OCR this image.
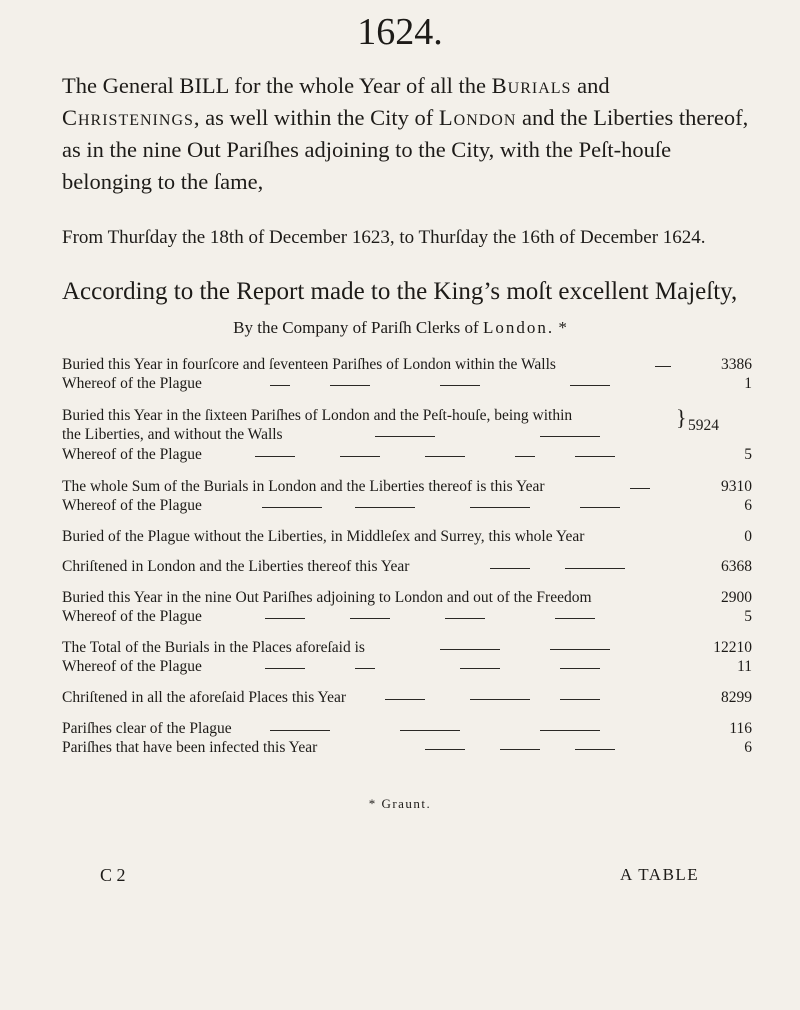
1624.
The General BILL for the whole Year of all the Burials and Christenings, as well within the City of London and the Liberties thereof, as in the nine Out Pariſhes adjoining to the City, with the Peſt-houſe belonging to the ſame,
From Thurſday the 18th of December 1623, to Thurſday the 16th of December 1624.
According to the Report made to the King’s moſt excellent Majeſty,
By the Company of Pariſh Clerks of London. *
Buried this Year in fourſcore and ſeventeen Pariſhes of London within the Walls	3386
Whereof of the Plague	1
Buried this Year in the ſixteen Pariſhes of London and the Peſt-houſe, being within
the Liberties, and without the Walls
} 5924
Whereof of the Plague	5
The whole Sum of the Burials in London and the Liberties thereof is this Year	9310
Whereof of the Plague	6
Buried of the Plague without the Liberties, in Middleſex and Surrey, this whole Year	0
Chriſtened in London and the Liberties thereof this Year	6368
Buried this Year in the nine Out Pariſhes adjoining to London and out of the Freedom	2900
Whereof of the Plague	5
The Total of the Burials in the Places aforeſaid is	12210
Whereof of the Plague	11
Chriſtened in all the aforeſaid Places this Year	8299
Pariſhes clear of the Plague	116
Pariſhes that have been infected this Year	6
* Graunt.
C 2	A TABLE
